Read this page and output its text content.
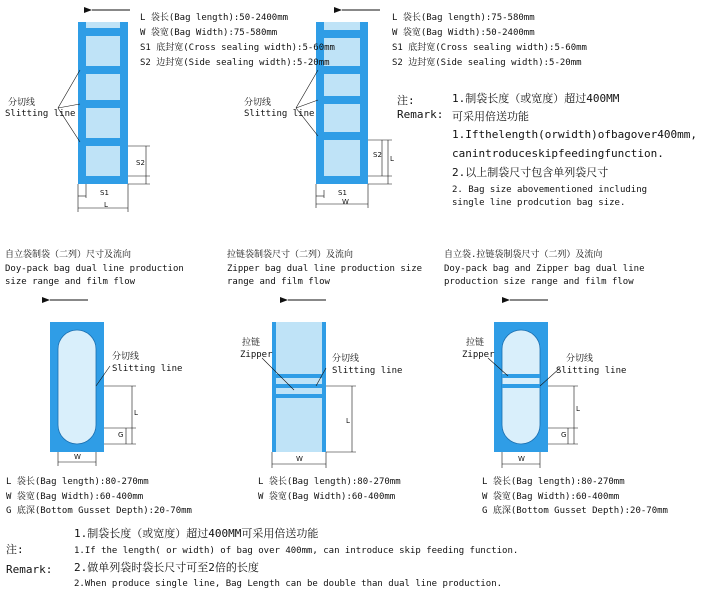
L 袋长(Bag length):50-2400mm
W 袋宽(Bag Width):75-580mm
S1 底封宽(Cross sealing width):5-60mm
S2 边封宽(Side sealing width):5-20mm
分切线
Slitting line
S1
L
S2
L 袋长(Bag length):75-580mm
W 袋宽(Bag Width):50-2400mm
S1 底封宽(Cross sealing width):5-60mm
S2 边封宽(Side sealing width):5-20mm
分切线
Slitting line
S1
W
S2 L
注:
Remark:
1.制袋长度（或宽度）超过400MM
可采用倍送功能
1.Ifthelength(orwidth)ofbagover400mm,
canintroduceskipfeedingfunction.
2.以上制袋尺寸包含单列袋尺寸
2. Bag size abovementioned including
single line prodcution bag size.
自立袋制袋（二列）尺寸及流向
Doy-pack bag dual line production
size range and film flow
分切线
Slitting line
L
G
W
L 袋长(Bag length):80-270mm
W 袋宽(Bag Width):60-400mm
G 底深(Bottom Gusset Depth):20-70mm
拉链袋制袋尺寸（二列）及流向
Zipper bag dual line production size
range and film flow
拉链
Zipper	分切线
Slitting line
L
W
L 袋长(Bag length):80-270mm
W 袋宽(Bag Width):60-400mm
自立袋.拉链袋制袋尺寸（二列）及流向
Doy-pack bag and Zipper bag dual line
production size range and film flow
拉链
Zipper	分切线
Slitting line
L
G
W
L 袋长(Bag length):80-270mm
W 袋宽(Bag Width):60-400mm
G 底深(Bottom Gusset Depth):20-70mm
注:
Remark:
1.制袋长度（或宽度）超过400MM可采用倍送功能
1.If the length( or width) of bag over 400mm, can introduce skip feeding function.
2.做单列袋时袋长尺寸可至2倍的长度
2.When produce single line, Bag Length can be double than dual line production.
